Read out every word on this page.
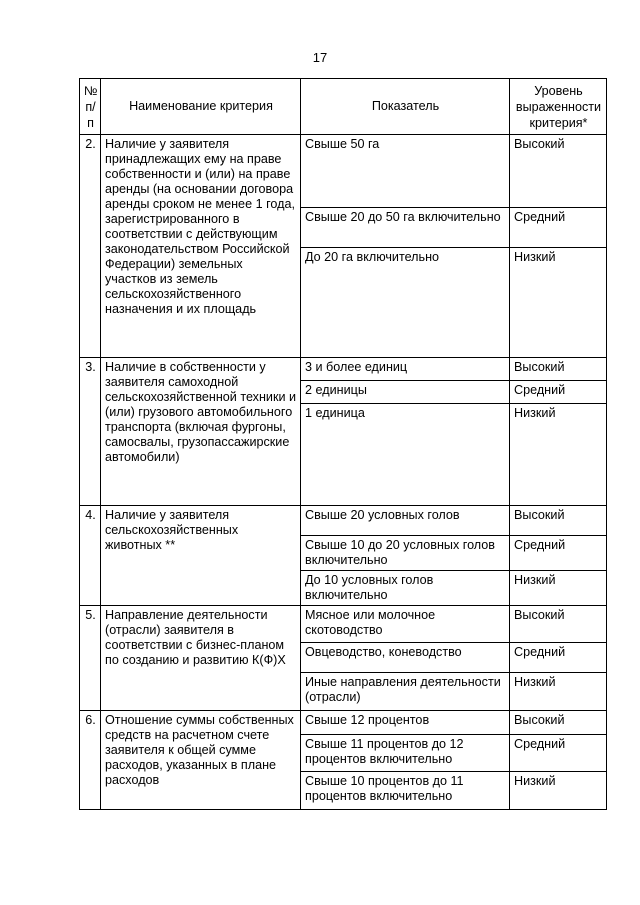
17
№ п/п	Наименование критерия	Показатель	Уровень выраженности критерия*
2.	Наличие у заявителя принадлежащих ему на праве собственности и (или) на праве аренды (на основании договора аренды сроком не менее 1 года, зарегистрированного в соответствии с действующим законодательством Российской Федерации) земельных участков из земель сельскохозяйственного назначения и их площадь	Свыше 50 га	Высокий
		Свыше 20 до 50 га включительно	Средний
		До 20 га включительно	Низкий
3.	Наличие в собственности у заявителя самоходной сельскохозяйственной техники и (или) грузового автомобильного транспорта (включая фургоны, самосвалы, грузопассажирские автомобили)	3 и более единиц	Высокий
		2 единицы	Средний
		1 единица	Низкий
4.	Наличие у заявителя сельскохозяйственных животных **	Свыше 20 условных голов	Высокий
		Свыше 10 до 20 условных голов включительно	Средний
		До 10 условных голов включительно	Низкий
5.	Направление деятельности (отрасли) заявителя в соответствии с бизнес-планом по созданию и развитию К(Ф)Х	Мясное или молочное скотоводство	Высокий
		Овцеводство, коневодство	Средний
		Иные направления деятельности (отрасли)	Низкий
6.	Отношение суммы собственных средств на расчетном счете заявителя к общей сумме расходов, указанных в плане расходов	Свыше 12 процентов	Высокий
		Свыше 11 процентов до 12 процентов включительно	Средний
		Свыше 10 процентов до 11 процентов включительно	Низкий
